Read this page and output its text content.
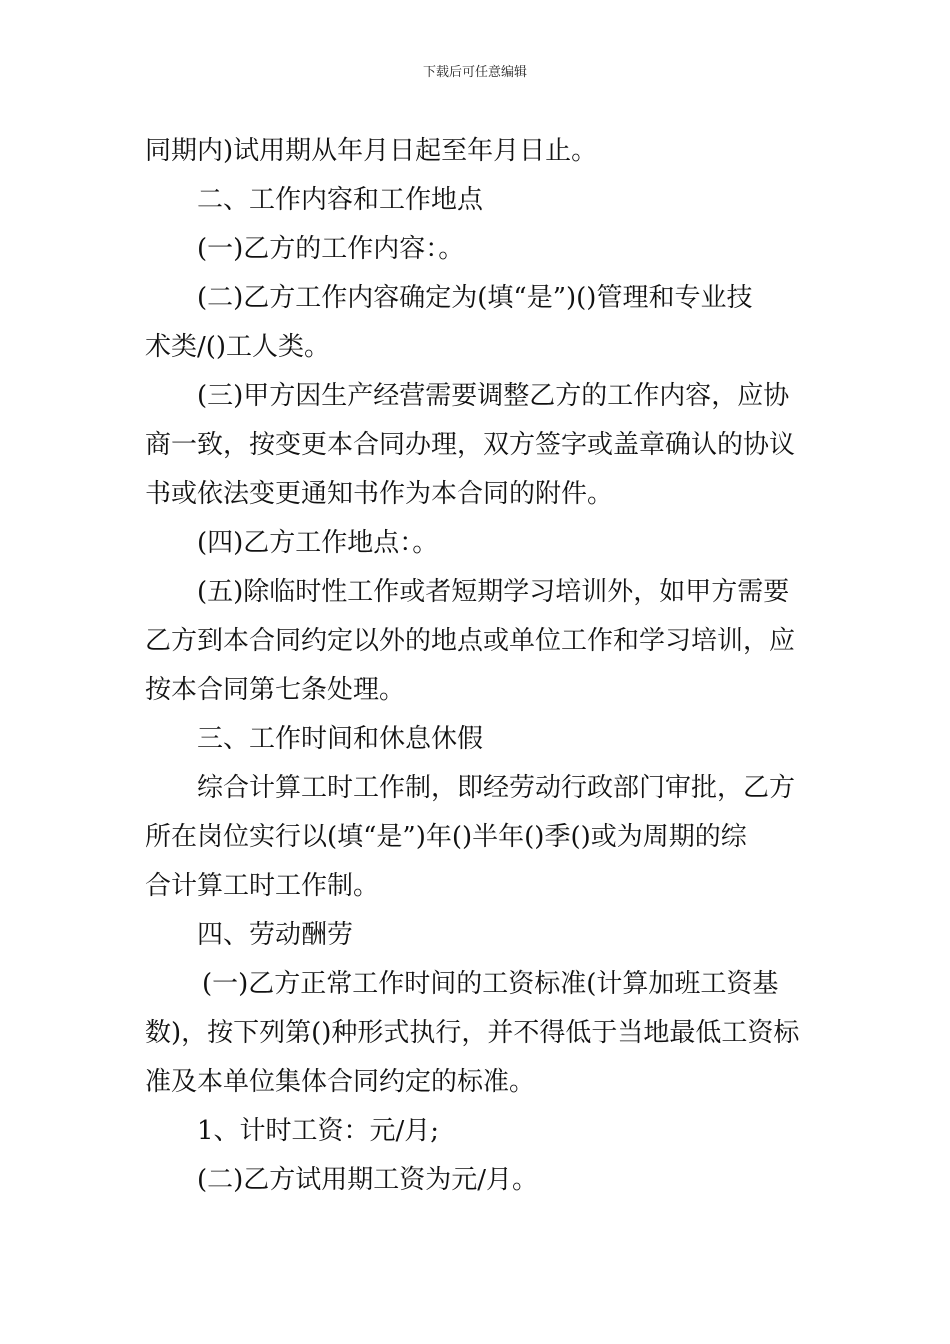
下载后可任意编辑

同期内)试用期从年月日起至年月日止。

二、工作内容和工作地点

(一)乙方的工作内容：。

(二)乙方工作内容确定为(填“是”)()管理和专业技

术类/()工人类。

(三)甲方因生产经营需要调整乙方的工作内容，应协

商一致，按变更本合同办理，双方签字或盖章确认的协议

书或依法变更通知书作为本合同的附件。

(四)乙方工作地点：。

(五)除临时性工作或者短期学习培训外，如甲方需要

乙方到本合同约定以外的地点或单位工作和学习培训，应

按本合同第七条处理。

三、工作时间和休息休假

综合计算工时工作制，即经劳动行政部门审批，乙方

所在岗位实行以(填“是”)年()半年()季()或为周期的综

合计算工时工作制。

四、劳动酬劳

(一)乙方正常工作时间的工资标准(计算加班工资基

数)，按下列第()种形式执行，并不得低于当地最低工资标

准及本单位集体合同约定的标准。

1、计时工资：元/月;

(二)乙方试用期工资为元/月。
